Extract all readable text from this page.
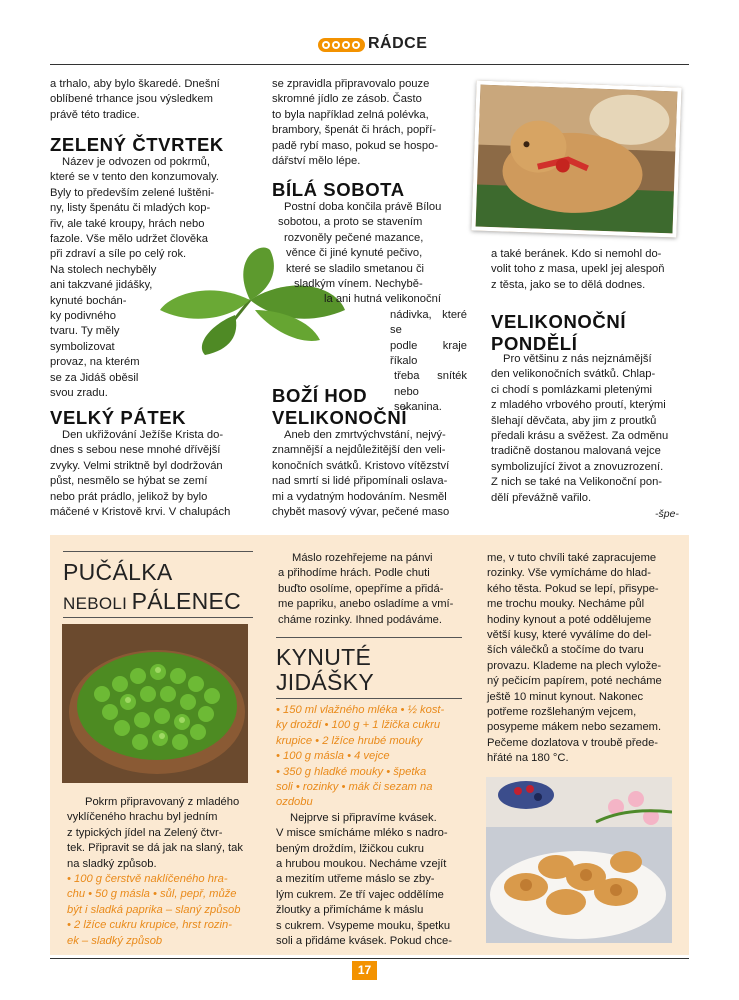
COOP RÁDCE
a trhalo, aby bylo škaredé. Dnešní
oblíbené trhance jsou výsledkem
právě této tradice.
ZELENÝ ČTVRTEK
Název je odvozen od pokrmů,
které se v tento den konzumovaly.
Byly to především zelené luštěni-
ny, listy špenátu či mladých kop-
řiv, ale také kroupy, hrách nebo
fazole. Vše mělo udržet člověka
při zdraví a síle po celý rok.
Na stolech nechyběly
ani takzvané jidášky,
kynuté bochán-
ky podivného
tvaru. Ty měly
symbolizovat
provaz, na kterém
se za Jidáš oběsil
svou zradu.
VELKÝ PÁTEK
Den ukřižování Ježíše Krista do-
dnes s sebou nese mnohé dřívější
zvyky. Velmi striktně byl dodržován
půst, nesmělo se hýbat se zemí
nebo prát prádlo, jelikož by bylo
máčené v Kristově krvi. V chalupách
se zpravidla připravovalo pouze
skromné jídlo ze zásob. Často
to byla například zelná polévka,
brambory, špenát či hrách, popří-
padě rybí maso, pokud se hospo-
dářství mělo lépe.
BÍLÁ SOBOTA
Postní doba končila právě Bílou
sobotou, a proto se stavením
rozvoněly pečené mazance,
věnce či jiné kynuté pečivo,
které se sladilo smetanou či
sladkým vínem. Nechybě-
la ani hutná velikonoční
nádivka, které se
podle kraje říkalo
třeba sníték nebo
sekanina.
BOŽÍ HOD
VELIKONOČNÍ
Aneb den zmrtvýchvstání, nejvý-
znamnější a nejdůležitější den veli-
konočních svátků. Kristovo vítězství
nad smrtí si lidé připomínali oslava-
mi a vydatným hodováním. Nesměl
chybět masový vývar, pečené maso
a také beránek. Kdo si nemohl do-
volit toho z masa, upekl jej alespoň
z těsta, jako se to dělá dodnes.
VELIKONOČNÍ
PONDĚLÍ
Pro většinu z nás nejznámější
den velikonočních svátků. Chlap-
ci chodí s pomlázkami pletenými
z mladého vrbového proutí, kterými
šlehají děvčata, aby jim z proutků
předali krásu a svěžest. Za odměnu
tradičně dostanou malovaná vejce
symbolizující život a znovuzrození.
Z nich se také na Velikonoční pon-
dělí převážně vařilo.
-špe-
PUČÁLKA
NEBOLI PÁLENEC
Pokrm připravovaný z mladého
vyklíčeného hrachu byl jedním
z typických jídel na Zelený čtvr-
tek. Připravit se dá jak na slaný, tak
na sladký způsob.
• 100 g čerstvě naklíčeného hra-
chu • 50 g másla • sůl, pepř, může
být i sladká paprika – slaný způsob
• 2 lžíce cukru krupice, hrst rozin-
ek – sladký způsob
Máslo rozehřejeme na pánvi
a přihodíme hrách. Podle chuti
buďto osolíme, opepříme a přidá-
me papriku, anebo osladíme a vmí-
cháme rozinky. Ihned podáváme.
KYNUTÉ
JIDÁŠKY
• 150 ml vlažného mléka • ½ kost-
ky droždí • 100 g + 1 lžička cukru
krupice • 2 lžíce hrubé mouky
• 100 g másla • 4 vejce
• 350 g hladké mouky • špetka
soli • rozinky • mák či sezam na
ozdobu
Nejprve si připravíme kvásek.
V misce smícháme mléko s nadro-
beným droždím, lžičkou cukru
a hrubou moukou. Necháme vzejít
a mezitím utřeme máslo se zby-
lým cukrem. Ze tří vajec oddělíme
žloutky a přimícháme k máslu
s cukrem. Vsypeme mouku, špetku
soli a přidáme kvásek. Pokud chce-
me, v tuto chvíli také zapracujeme
rozinky. Vše vymícháme do hlad-
kého těsta. Pokud se lepí, přisype-
me trochu mouky. Necháme půl
hodiny kynout a poté oddělujeme
větší kusy, které vyválíme do del-
ších válečků a stočíme do tvaru
provazu. Klademe na plech vylože-
ný pečicím papírem, poté necháme
ještě 10 minut kynout. Nakonec
potřeme rozšlehaným vejcem,
posypeme mákem nebo sezamem.
Pečeme dozlatova v troubě přede-
hřáté na 180 °C.
17
